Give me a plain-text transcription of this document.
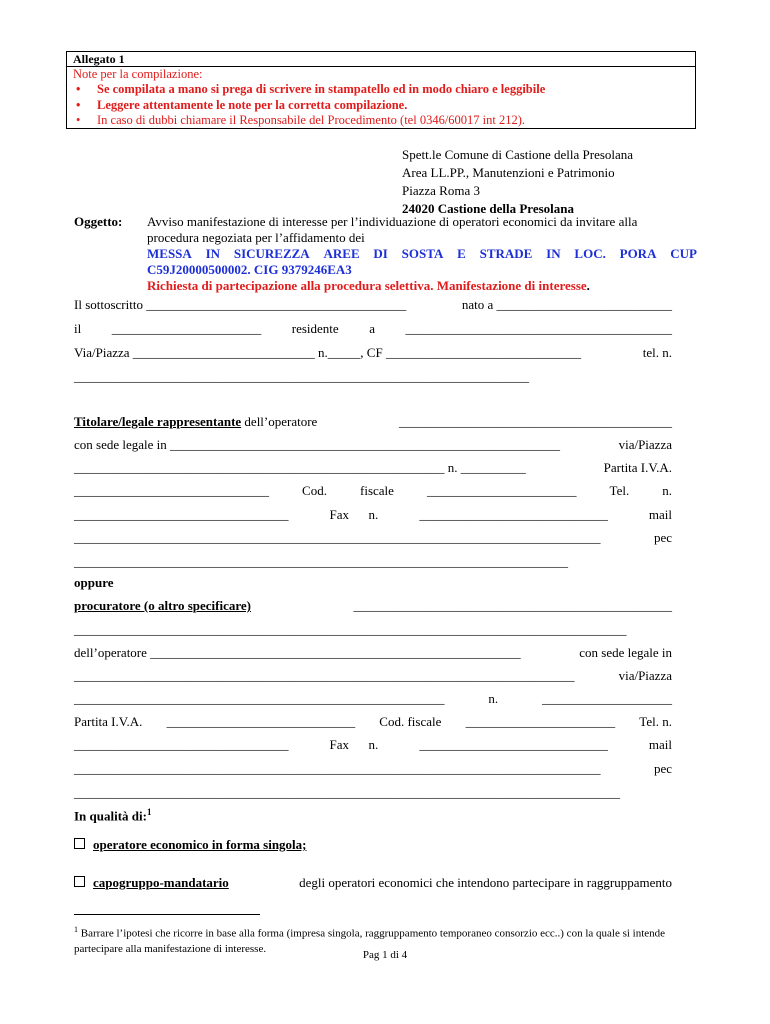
Allegato 1
Note per la compilazione:
• Se compilata a mano si prega di scrivere in stampatello ed in modo chiaro e leggibile
• Leggere attentamente le note per la corretta compilazione.
• In caso di dubbi chiamare il Responsabile del Procedimento (tel 0346/60017 int 212).
Spett.le Comune di Castione della Presolana
Area LL.PP., Manutenzioni e Patrimonio
Piazza Roma 3
24020 Castione della Presolana
Oggetto: Avviso manifestazione di interesse per l’individuazione di operatori economici da invitare alla
procedura negoziata per l’affidamento dei
MESSA IN SICUREZZA AREE DI SOSTA E STRADE IN LOC. PORA CUP
C59J20000500002. CIG 9379246EA3
Richiesta di partecipazione alla procedura selettiva. Manifestazione di interesse.
Il sottoscritto ________________________________________	nato a ___________________________
il _______________________ residente a _________________________________________
Via/Piazza ____________________________ n._____, CF ______________________________	tel. n.
______________________________________________________________________
Titolare/legale rappresentante dell’operatore	__________________________________________
con sede legale in ____________________________________________________________	via/Piazza
_________________________________________________________ n. __________	Partita I.V.A.
______________________________	Cod.	fiscale	_______________________	Tel.	n.
_________________________________	Fax n.	_____________________________	mail
_________________________________________________________________________________	pec
____________________________________________________________________________
oppure
procuratore (o altro specificare)	_________________________________________________
_____________________________________________________________________________________
dell’operatore _________________________________________________________	con sede legale in
_____________________________________________________________________________	via/Piazza
_________________________________________________________	n.	____________________
Partita I.V.A. _____________________________ Cod. fiscale _______________________ Tel. n.
_________________________________	Fax n.	_____________________________	mail
_________________________________________________________________________________	pec
____________________________________________________________________________________
In qualità di:$^1$
operatore economico in forma singola;
capogruppo-mandatario	degli operatori economici che intendono partecipare in raggruppamento
$^1$ Barrare l’ipotesi che ricorre in base alla forma (impresa singola, raggruppamento temporaneo consorzio ecc..) con la quale si intende partecipare alla manifestazione di interesse.
Pag 1 di 4
